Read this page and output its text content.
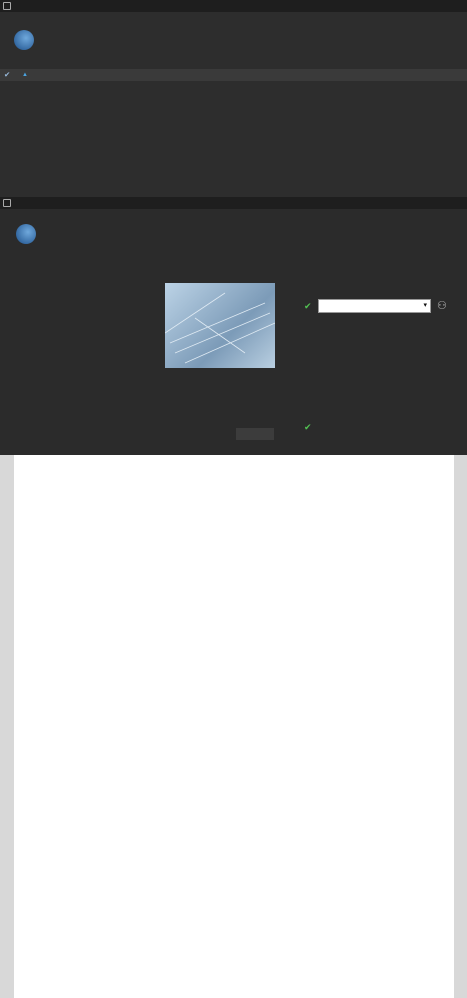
✔ ▲
✔	▾ ⚇
✔
